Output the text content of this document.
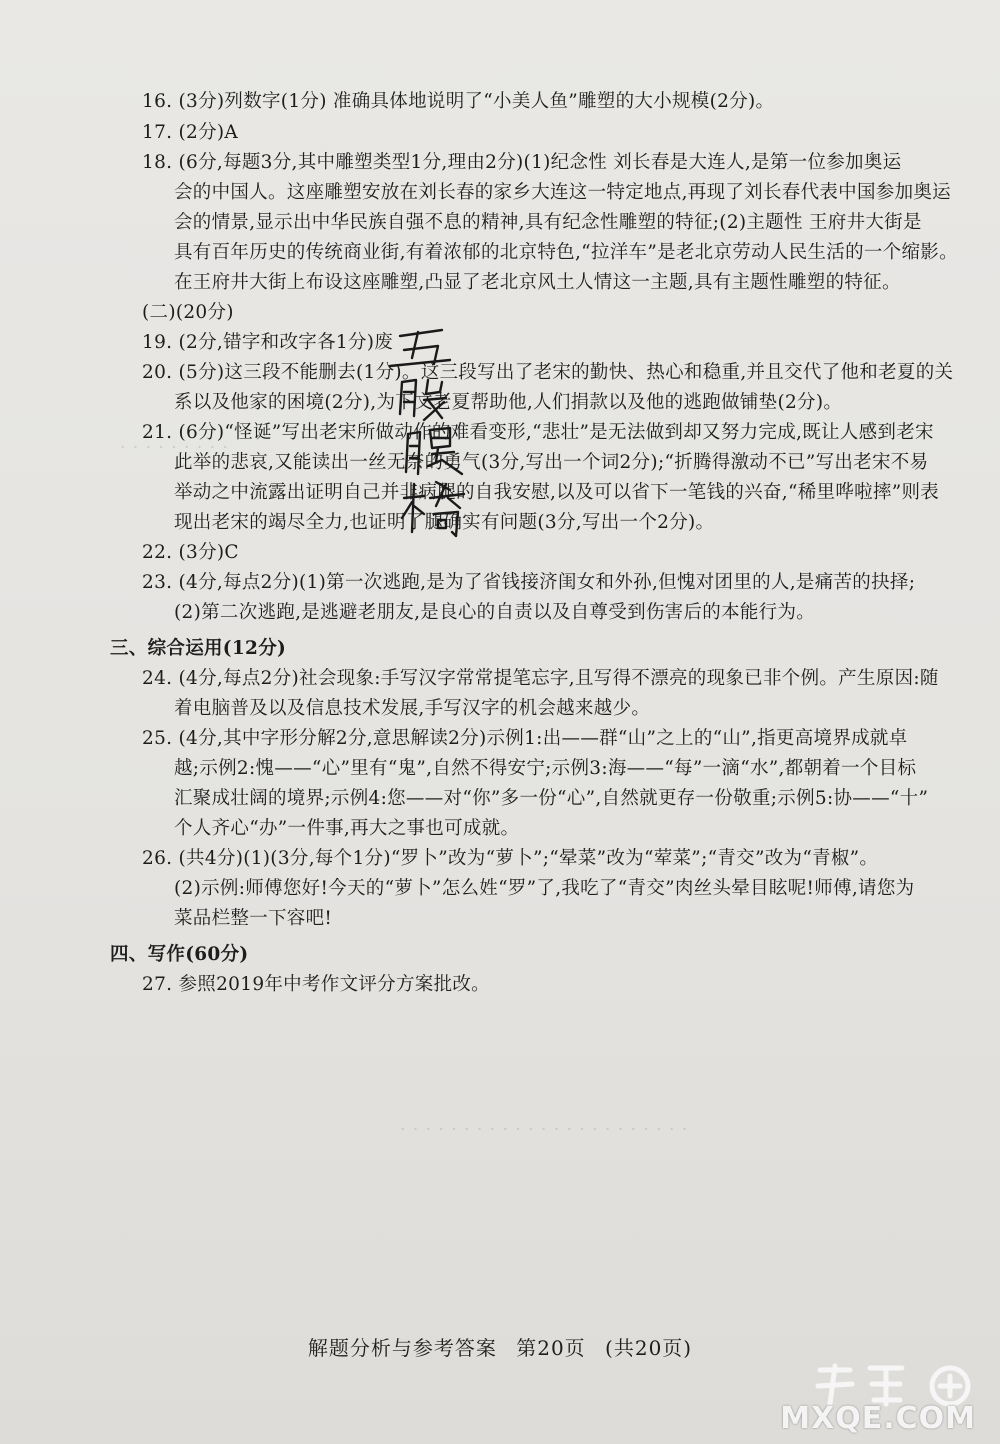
· · · · · · · · ·
· · · · · · · · · · · · · · · · · · · · · · ·
16. (3分)列数字(1分) 准确具体地说明了“小美人鱼”雕塑的大小规模(2分)。
17. (2分)A
18. (6分,每题3分,其中雕塑类型1分,理由2分)(1)纪念性 刘长春是大连人,是第一位参加奥运
会的中国人。这座雕塑安放在刘长春的家乡大连这一特定地点,再现了刘长春代表中国参加奥运
会的情景,显示出中华民族自强不息的精神,具有纪念性雕塑的特征;(2)主题性 王府井大街是
具有百年历史的传统商业街,有着浓郁的北京特色,“拉洋车”是老北京劳动人民生活的一个缩影。
在王府井大街上布设这座雕塑,凸显了老北京风土人情这一主题,具有主题性雕塑的特征。
(二)(20分)
19. (2分,错字和改字各1分)废
20. (5分)这三段不能删去(1分)。这三段写出了老宋的勤快、热心和稳重,并且交代了他和老夏的关
系以及他家的困境(2分),为下文老夏帮助他,人们捐款以及他的逃跑做铺垫(2分)。
21. (6分)“怪诞”写出老宋所做动作的难看变形,“悲壮”是无法做到却又努力完成,既让人感到老宋
此举的悲哀,又能读出一丝无奈的勇气(3分,写出一个词2分);“折腾得激动不已”写出老宋不易
举动之中流露出证明自己并非病腿的自我安慰,以及可以省下一笔钱的兴奋,“稀里哗啦摔”则表
现出老宋的竭尽全力,也证明了腿确实有问题(3分,写出一个2分)。
22. (3分)C
23. (4分,每点2分)(1)第一次逃跑,是为了省钱接济闺女和外孙,但愧对团里的人,是痛苦的抉择;
(2)第二次逃跑,是逃避老朋友,是良心的自责以及自尊受到伤害后的本能行为。
三、综合运用(12分)
24. (4分,每点2分)社会现象:手写汉字常常提笔忘字,且写得不漂亮的现象已非个例。产生原因:随
着电脑普及以及信息技术发展,手写汉字的机会越来越少。
25. (4分,其中字形分解2分,意思解读2分)示例1:出——群“山”之上的“山”,指更高境界成就卓
越;示例2:愧——“心”里有“鬼”,自然不得安宁;示例3:海——“每”一滴“水”,都朝着一个目标
汇聚成壮阔的境界;示例4:您——对“你”多一份“心”,自然就更存一份敬重;示例5:协——“十”
个人齐心“办”一件事,再大之事也可成就。
26. (共4分)(1)(3分,每个1分)“罗卜”改为“萝卜”;“晕菜”改为“荤菜”;“青交”改为“青椒”。
(2)示例:师傅您好!今天的“萝卜”怎么姓“罗”了,我吃了“青交”肉丝头晕目眩呢!师傅,请您为
菜品栏整一下容吧!
四、写作(60分)
27. 参照2019年中考作文评分方案批改。
解题分析与参考答案 第20页 (共20页)
MXQE.COM
